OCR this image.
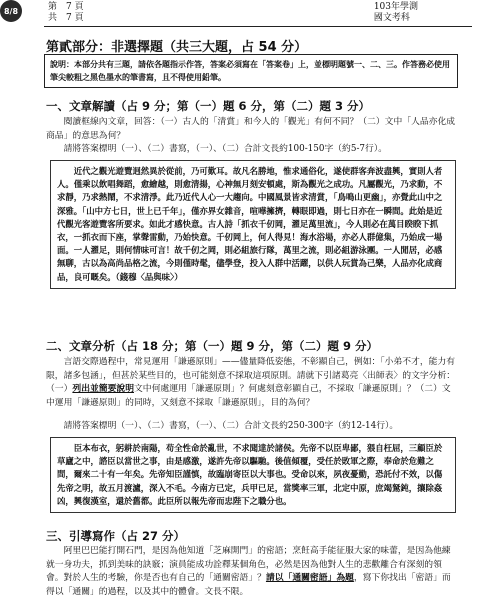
8/8	第　7 頁
共　7 頁
103年學測
國文考科
第貳部分：非選擇題（共三大題，占 54 分）
說明：本部分共有三題，請依各題指示作答，答案必須寫在「答案卷」上，並標明題號一、二、三。作答務必使用筆尖較粗之黑色墨水的筆書寫，且不得使用鉛筆。
一、文章解讀（占 9 分；第（一）題 6 分，第（二）題 3 分）
閱讀框線內文章，回答：（一）古人的「清賞」和今人的「觀光」有何不同？（二）文中「人品亦化成商品」的意思為何？
請將答案標明（一）、（二）書寫，（一）、（二）合計文長約100-150字（約5-7行）。
近代之觀光遊覽迥然異於從前，乃可歎耳。故凡名勝地，惟求通俗化，遂使群客奔波盡興，實則人者人。僅乘以飲唱舞蹈，愈繪越，則愈清揚，心神無月刻安頓處，斯為觀光之成功。凡屬觀光，乃求動，不求靜，乃求熱鬧，不求清淨。此乃近代人心一大趨向。中國風景皆求清賞，「鳥鳴山更幽」，亦覺此山中之深雅。「山中方七日，世上已千年」，僅亦界女雜音，喧嘩擁擠，轉眼即過，則七日亦在一瞬間。此始是近代觀光客遊覽客所要求。如此才感快意。古人詩「抓衣千仞岡，濯足萬里流」，今人則必在萬目睽睽下抓衣，一抓衣而下座，掌聲雷動，乃始快意。千仞岡上，何人得見！海水浴場，亦必人群億集，乃始成一場面。一人濯足，則何情味可言！故千仞之岡，則必組旅行隊，萬里之流，則必組游泳團。一人閒居，必感無聊，古以為高尚品格之流，今則僅時髦，儘學登，投入人群中活躍，以供人玩賞為己樂，人品亦化成商品，良可嘅矣。（錢穆〈品與味〉）
二、文章分析（占 18 分；第（一）題 9 分，第（二）題 9 分）
言語交際過程中，常見運用「謙遜原則」——儘量降低姿態，不彰顯自己，例如：「小弟不才，能力有限，諸多包涵」，但甚於某些目的，也可能刻意不採取這項原則。請就下引諸葛亮〈出師表〉的文字分析：（一）列出並簡要說明文中何處運用「謙遜原則」？何處刻意彰顯自己，不採取「謙遜原則」？（二）文中運用「謙遜原則」的同時，又刻意不採取「謙遜原則」，目的為何？
請將答案標明（一）、（二）書寫，（一）、（二）合計文長約250-300字（約12-14行）。
臣本布衣，躬耕於南陽，苟全性命於亂世，不求聞達於諸侯。先帝不以臣卑鄙，猥自枉屈，三顧臣於草廬之中，諮臣以當世之事，由是感激，遂許先帝以驅馳。後值傾覆，受任於敗軍之際，奉命於危難之間，爾來二十有一年矣。先帝知臣謹慎，故臨崩寄臣以大事也。受命以來，夙夜憂勤，恐託付不效，以傷先帝之明，故五月渡瀘，深入不毛。今南方已定，兵甲已足，當獎率三軍，北定中原，庶竭駑鈍，攘除姦凶，興復漢室，還於舊都。此臣所以報先帝而忠陛下之職分也。
三、引導寫作（占 27 分）
阿里巴巴能打開石門，是因為他知道「芝麻開門」的密語；烹飪高手能征服大家的味蕾，是因為他練就一身功夫，抓到美味的訣竅；演員能成功詮釋某個角色，必然是因為他對人生的悲歡離合有深刻的領會。對於人生的考驗，你是否也有自己的「通關密語」？請以「通關密語」為題，寫下你找出「密語」而得以「通關」的過程，以及其中的體會。文長不限。
